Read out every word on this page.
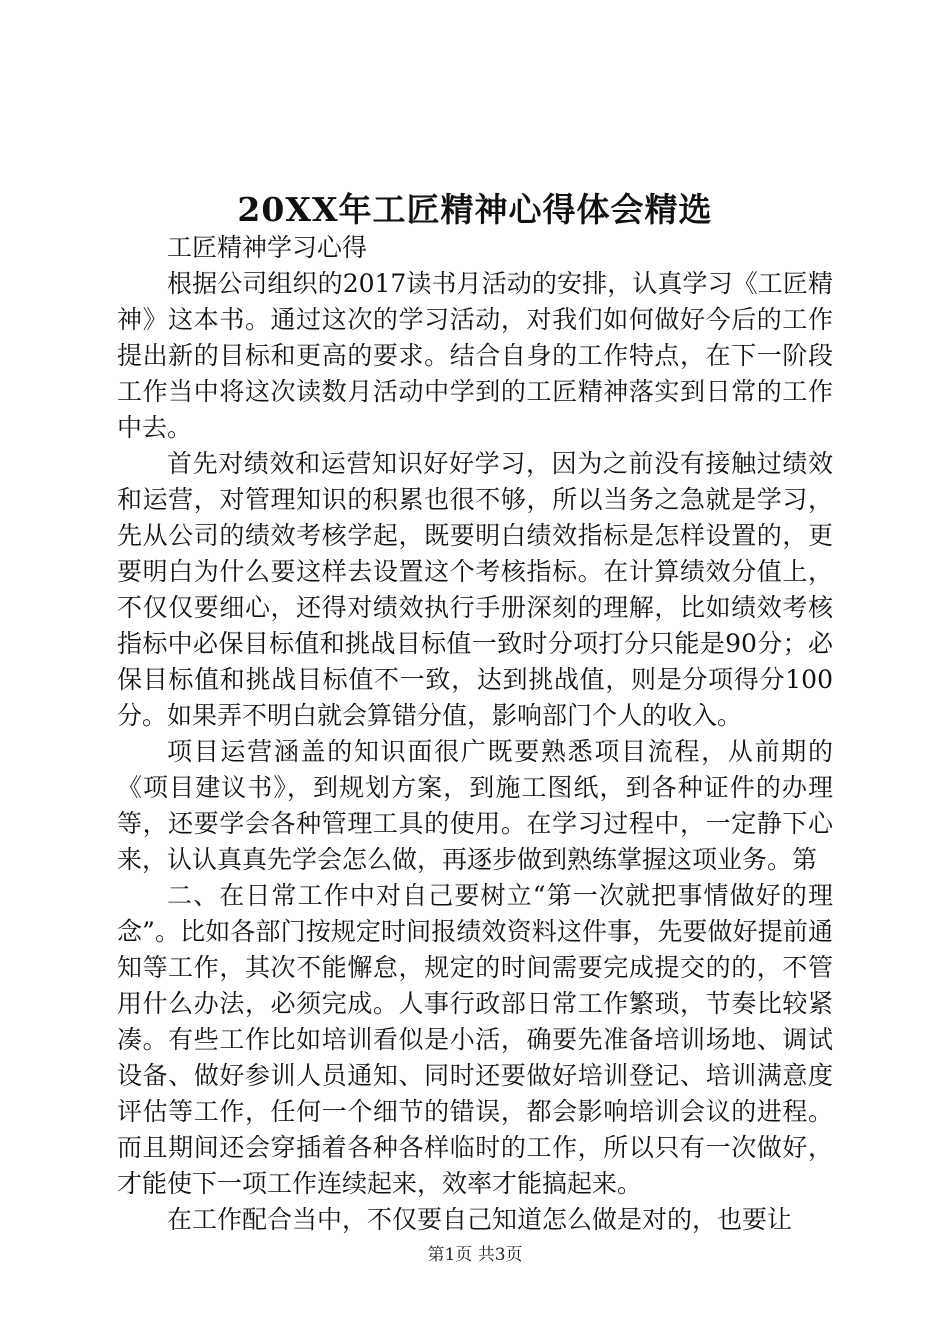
20XX年工匠精神心得体会精选

工匠精神学习心得

根据公司组织的2017读书月活动的安排，认真学习《工匠精神》这本书。通过这次的学习活动，对我们如何做好今后的工作提出新的目标和更高的要求。结合自身的工作特点，在下一阶段工作当中将这次读数月活动中学到的工匠精神落实到日常的工作中去。

首先对绩效和运营知识好好学习，因为之前没有接触过绩效和运营，对管理知识的积累也很不够，所以当务之急就是学习，先从公司的绩效考核学起，既要明白绩效指标是怎样设置的，更要明白为什么要这样去设置这个考核指标。在计算绩效分值上，不仅仅要细心，还得对绩效执行手册深刻的理解，比如绩效考核指标中必保目标值和挑战目标值一致时分项打分只能是90分；必保目标值和挑战目标值不一致，达到挑战值，则是分项得分100分。如果弄不明白就会算错分值，影响部门个人的收入。

项目运营涵盖的知识面很广既要熟悉项目流程，从前期的《项目建议书》，到规划方案，到施工图纸，到各种证件的办理等，还要学会各种管理工具的使用。在学习过程中，一定静下心来，认认真真先学会怎么做，再逐步做到熟练掌握这项业务。第

二、在日常工作中对自己要树立“第一次就把事情做好的理念”。比如各部门按规定时间报绩效资料这件事，先要做好提前通知等工作，其次不能懈怠，规定的时间需要完成提交的的，不管用什么办法，必须完成。人事行政部日常工作繁琐，节奏比较紧凑。有些工作比如培训看似是小活，确要先准备培训场地、调试设备、做好参训人员通知、同时还要做好培训登记、培训满意度评估等工作，任何一个细节的错误，都会影响培训会议的进程。而且期间还会穿插着各种各样临时的工作，所以只有一次做好，才能使下一项工作连续起来，效率才能搞起来。

在工作配合当中，不仅要自己知道怎么做是对的，也要让

第1页 共3页
